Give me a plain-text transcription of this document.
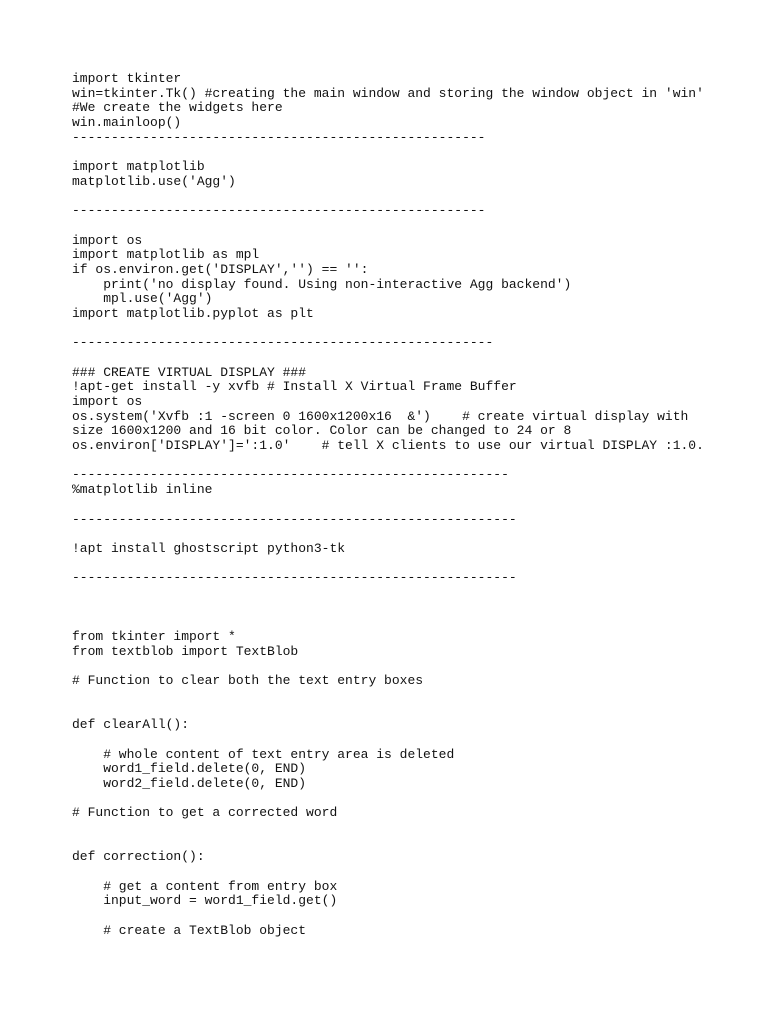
import tkinter
win=tkinter.Tk() #creating the main window and storing the window object in 'win'
#We create the widgets here
win.mainloop()
-----------------------------------------------------
import matplotlib
matplotlib.use('Agg')
-----------------------------------------------------
import os
import matplotlib as mpl
if os.environ.get('DISPLAY','') == '':
print('no display found. Using non-interactive Agg backend')
mpl.use('Agg')
import matplotlib.pyplot as plt
------------------------------------------------------
### CREATE VIRTUAL DISPLAY ###
!apt-get install -y xvfb # Install X Virtual Frame Buffer
import os
os.system('Xvfb :1 -screen 0 1600x1200x16  &')    # create virtual display with
size 1600x1200 and 16 bit color. Color can be changed to 24 or 8
os.environ['DISPLAY']=':1.0'    # tell X clients to use our virtual DISPLAY :1.0.
--------------------------------------------------------
%matplotlib inline
---------------------------------------------------------
!apt install ghostscript python3-tk
---------------------------------------------------------
from tkinter import *
from textblob import TextBlob
# Function to clear both the text entry boxes
def clearAll():
# whole content of text entry area is deleted
word1_field.delete(0, END)
word2_field.delete(0, END)
# Function to get a corrected word
def correction():
# get a content from entry box
input_word = word1_field.get()
# create a TextBlob object
